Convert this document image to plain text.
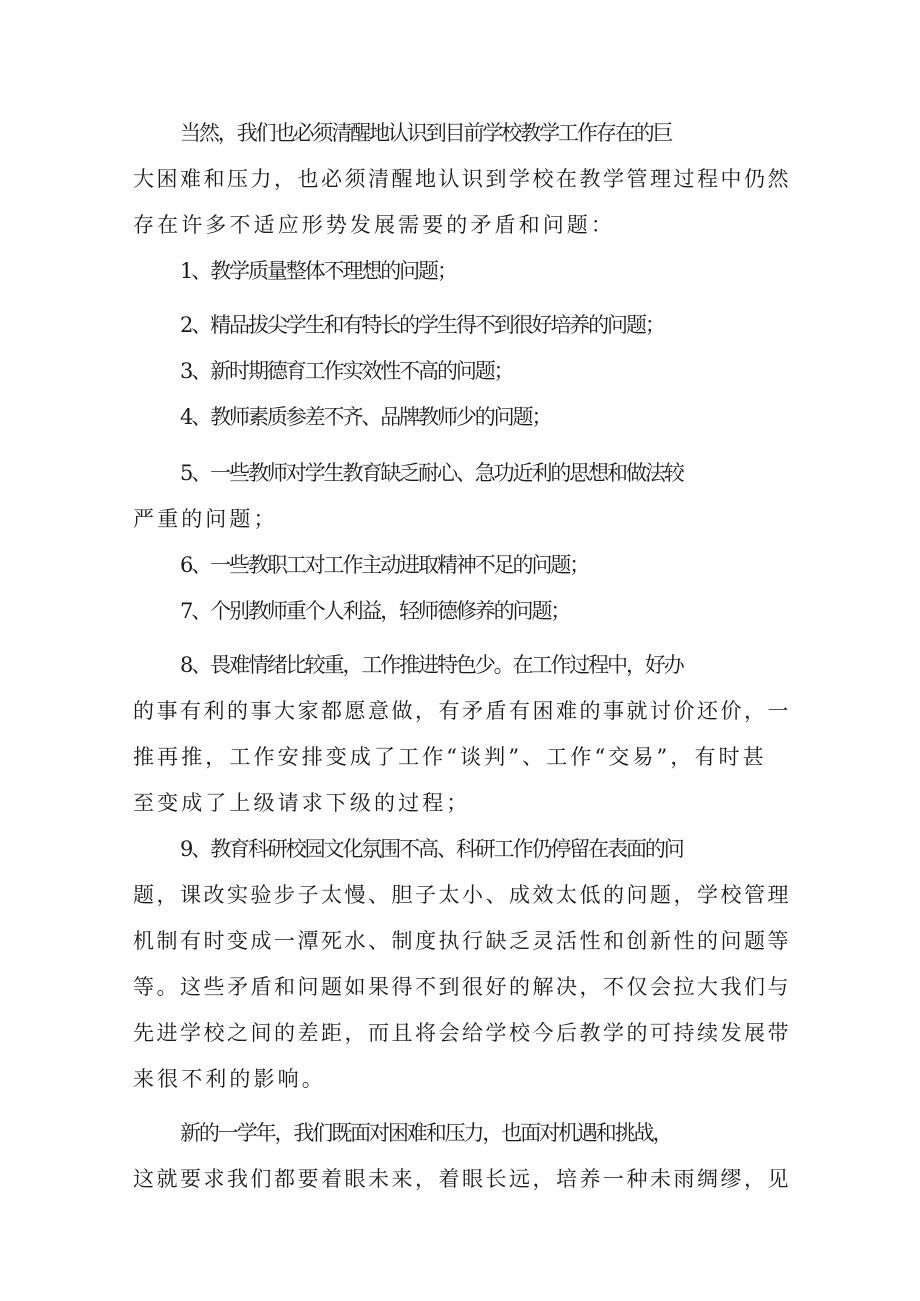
当然，我们也必须清醒地认识到目前学校教学工作存在的巨

大困难和压力，也必须清醒地认识到学校在教学管理过程中仍然

存在许多不适应形势发展需要的矛盾和问题：

1、教学质量整体不理想的问题；

2、精品拔尖学生和有特长的学生得不到很好培养的问题；

3、新时期德育工作实效性不高的问题；

4、教师素质参差不齐、品牌教师少的问题；

5、一些教师对学生教育缺乏耐心、急功近利的思想和做法较

严重的问题；

6、一些教职工对工作主动进取精神不足的问题；

7、个别教师重个人利益，轻师德修养的问题；

8、畏难情绪比较重，工作推进特色少。在工作过程中，好办

的事有利的事大家都愿意做，有矛盾有困难的事就讨价还价，一

推再推，工作安排变成了工作“谈判”、工作“交易”，有时甚

至变成了上级请求下级的过程；

9、教育科研校园文化氛围不高、科研工作仍停留在表面的问

题，课改实验步子太慢、胆子太小、成效太低的问题，学校管理

机制有时变成一潭死水、制度执行缺乏灵活性和创新性的问题等

等。这些矛盾和问题如果得不到很好的解决，不仅会拉大我们与

先进学校之间的差距，而且将会给学校今后教学的可持续发展带

来很不利的影响。

新的一学年，我们既面对困难和压力，也面对机遇和挑战，

这就要求我们都要着眼未来，着眼长远，培养一种未雨绸缪，见
